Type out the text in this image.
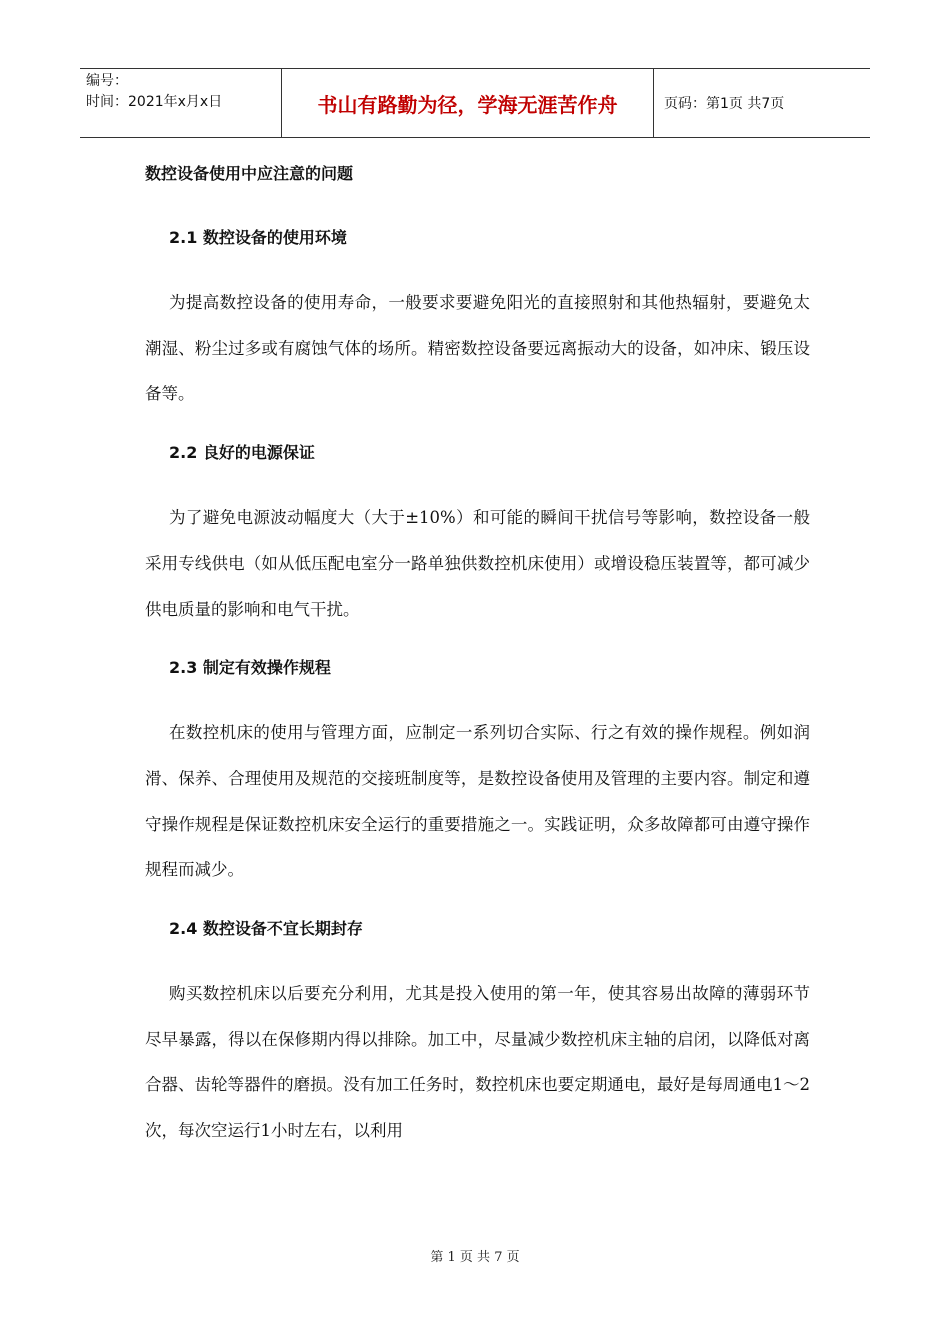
编号：
时间：2021年x月x日	书山有路勤为径，学海无涯苦作舟	页码：第1页 共7页

数控设备使用中应注意的问题

2.1 数控设备的使用环境

为提高数控设备的使用寿命，一般要求要避免阳光的直接照射和其他热辐射，要避免太潮湿、粉尘过多或有腐蚀气体的场所。精密数控设备要远离振动大的设备，如冲床、锻压设备等。

2.2 良好的电源保证

为了避免电源波动幅度大（大于±10%）和可能的瞬间干扰信号等影响，数控设备一般采用专线供电（如从低压配电室分一路单独供数控机床使用）或增设稳压装置等，都可减少供电质量的影响和电气干扰。

2.3 制定有效操作规程

在数控机床的使用与管理方面，应制定一系列切合实际、行之有效的操作规程。例如润滑、保养、合理使用及规范的交接班制度等，是数控设备使用及管理的主要内容。制定和遵守操作规程是保证数控机床安全运行的重要措施之一。实践证明，众多故障都可由遵守操作规程而减少。

2.4 数控设备不宜长期封存

购买数控机床以后要充分利用，尤其是投入使用的第一年，使其容易出故障的薄弱环节尽早暴露，得以在保修期内得以排除。加工中，尽量减少数控机床主轴的启闭，以降低对离合器、齿轮等器件的磨损。没有加工任务时，数控机床也要定期通电，最好是每周通电1～2次，每次空运行1小时左右，以利用

第 1 页 共 7 页
